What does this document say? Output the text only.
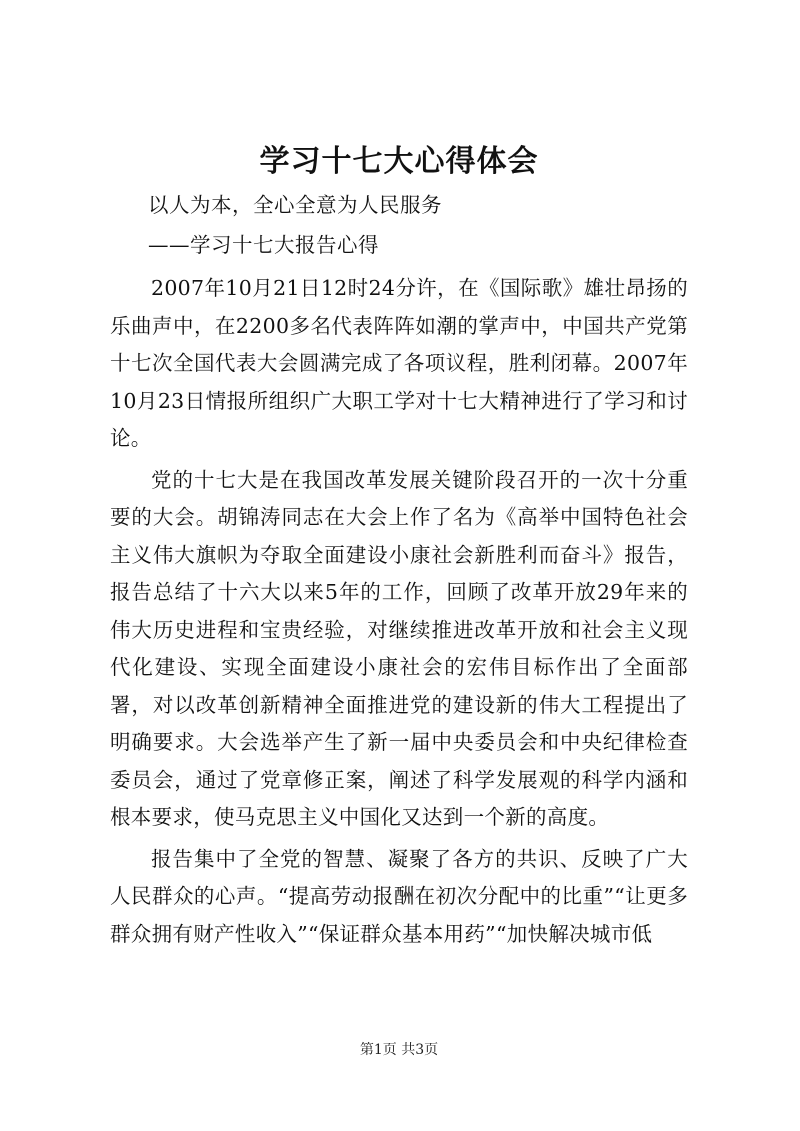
学习十七大心得体会
以人为本，全心全意为人民服务
——学习十七大报告心得

2007年10月21日12时24分许，在《国际歌》雄壮昂扬的乐曲声中，在2200多名代表阵阵如潮的掌声中，中国共产党第十七次全国代表大会圆满完成了各项议程，胜利闭幕。2007年10月23日情报所组织广大职工学对十七大精神进行了学习和讨论。

党的十七大是在我国改革发展关键阶段召开的一次十分重要的大会。胡锦涛同志在大会上作了名为《高举中国特色社会主义伟大旗帜为夺取全面建设小康社会新胜利而奋斗》报告，报告总结了十六大以来5年的工作，回顾了改革开放29年来的伟大历史进程和宝贵经验，对继续推进改革开放和社会主义现代化建设、实现全面建设小康社会的宏伟目标作出了全面部署，对以改革创新精神全面推进党的建设新的伟大工程提出了明确要求。大会选举产生了新一届中央委员会和中央纪律检查委员会，通过了党章修正案，阐述了科学发展观的科学内涵和根本要求，使马克思主义中国化又达到一个新的高度。

报告集中了全党的智慧、凝聚了各方的共识、反映了广大人民群众的心声。“提高劳动报酬在初次分配中的比重”“让更多群众拥有财产性收入”“保证群众基本用药”“加快解决城市低

第1页 共3页
